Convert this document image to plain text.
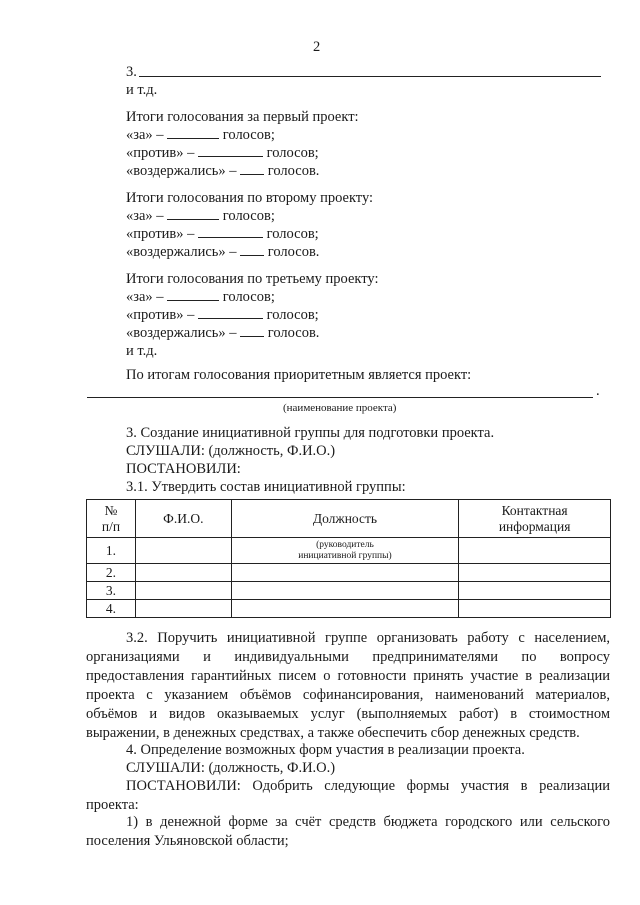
2
3.
и т.д.
Итоги голосования за первый проект:
«за» –	голосов;
«против» –	голосов;
«воздержались» – голосов.
Итоги голосования по второму проекту:
«за» –	голосов;
«против» –	голосов;
«воздержались» – голосов.
Итоги голосования по третьему проекту:
«за» –	голосов;
«против» –	голосов;
«воздержались» – голосов.
и т.д.
По итогам голосования приоритетным является проект:
.
(наименование проекта)
3. Создание инициативной группы для подготовки проекта.
СЛУШАЛИ: (должность, Ф.И.О.)
ПОСТАНОВИЛИ:
3.1. Утвердить состав инициативной группы:
№
п/п	Ф.И.О.	Должность	Контактная
информация
1.		(руководитель
инициативной группы)	
2.			
3.			
4.			
3.2. Поручить инициативной группе организовать работу с населением, организациями и индивидуальными предпринимателями по вопросу предоставления гарантийных писем о готовности принять участие в реализации проекта с указанием объёмов софинансирования, наименований материалов, объёмов и видов оказываемых услуг (выполняемых работ) в стоимостном выражении, в денежных средствах, а также обеспечить сбор денежных средств.
4. Определение возможных форм участия в реализации проекта.
СЛУШАЛИ: (должность, Ф.И.О.)
ПОСТАНОВИЛИ: Одобрить следующие формы участия в реализации проекта:
1) в денежной форме за счёт средств бюджета городского или сельского поселения Ульяновской области;
